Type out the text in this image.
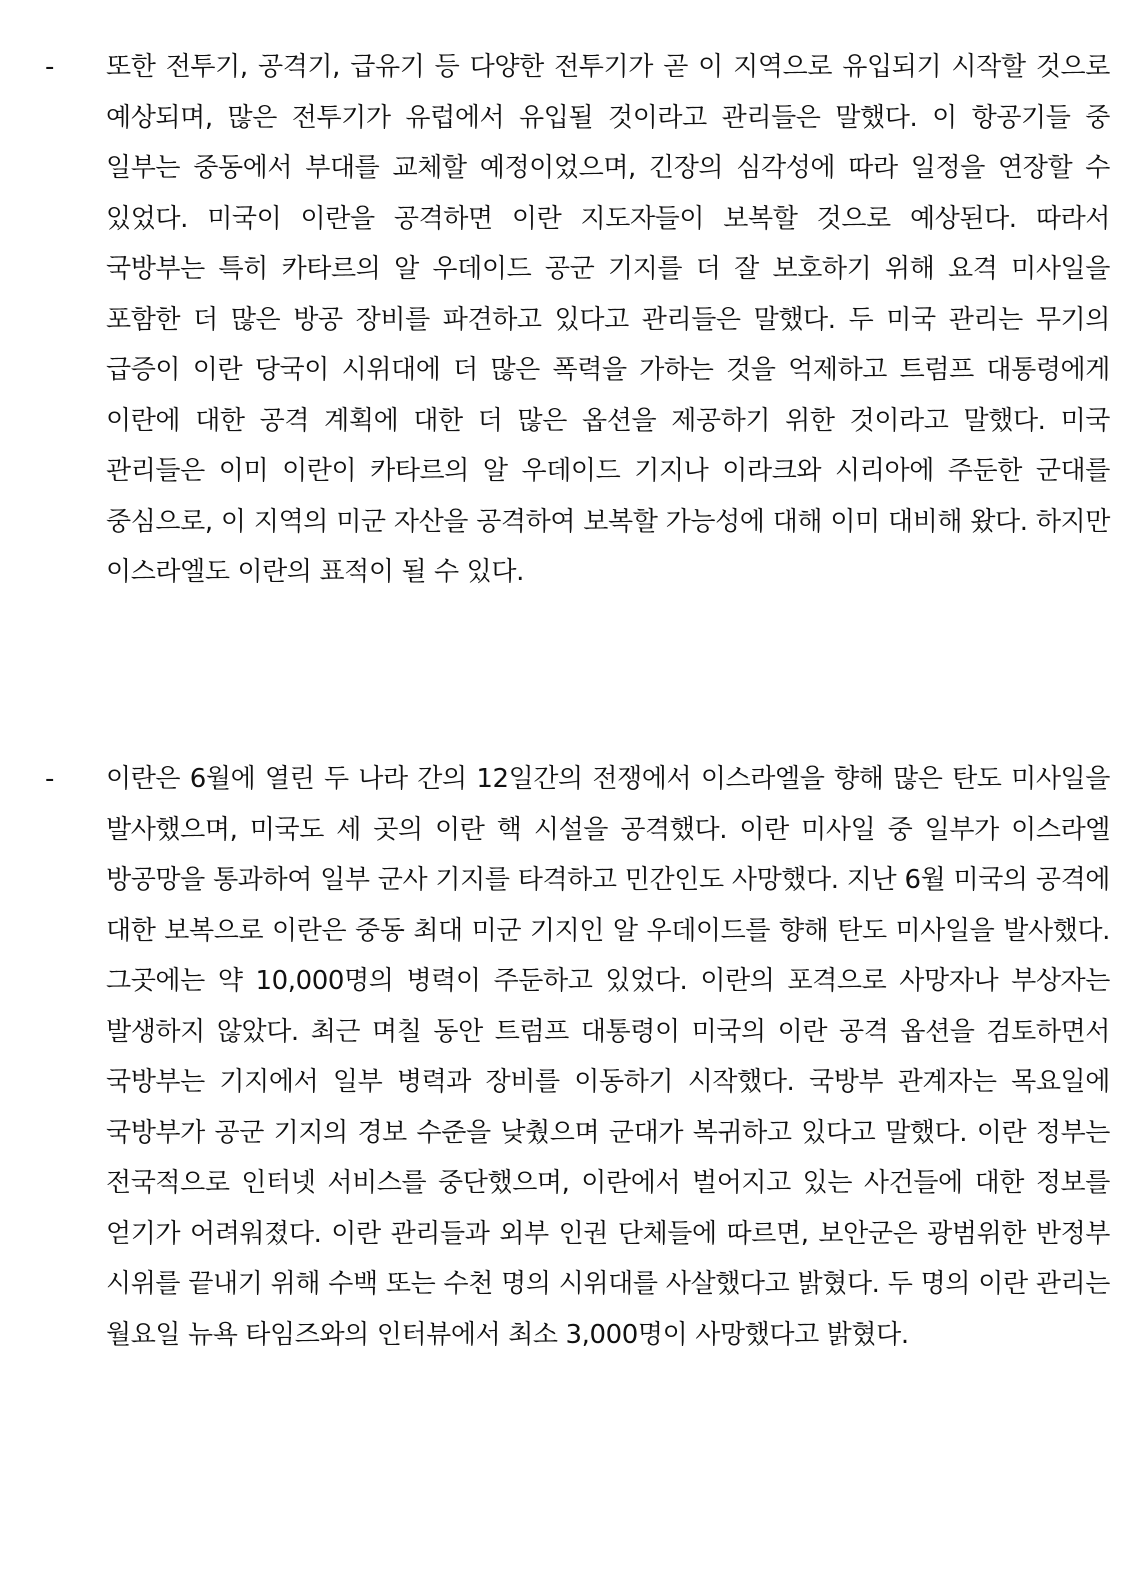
- 또한 전투기, 공격기, 급유기 등 다양한 전투기가 곧 이 지역으로 유입되기 시작할 것으로 예상되며, 많은 전투기가 유럽에서 유입될 것이라고 관리들은 말했다. 이 항공기들 중 일부는 중동에서 부대를 교체할 예정이었으며, 긴장의 심각성에 따라 일정을 연장할 수 있었다. 미국이 이란을 공격하면 이란 지도자들이 보복할 것으로 예상된다. 따라서 국방부는 특히 카타르의 알 우데이드 공군 기지를 더 잘 보호하기 위해 요격 미사일을 포함한 더 많은 방공 장비를 파견하고 있다고 관리들은 말했다. 두 미국 관리는 무기의 급증이 이란 당국이 시위대에 더 많은 폭력을 가하는 것을 억제하고 트럼프 대통령에게 이란에 대한 공격 계획에 대한 더 많은 옵션을 제공하기 위한 것이라고 말했다. 미국 관리들은 이미 이란이 카타르의 알 우데이드 기지나 이라크와 시리아에 주둔한 군대를 중심으로, 이 지역의 미군 자산을 공격하여 보복할 가능성에 대해 이미 대비해 왔다. 하지만 이스라엘도 이란의 표적이 될 수 있다.

- 이란은 6월에 열린 두 나라 간의 12일간의 전쟁에서 이스라엘을 향해 많은 탄도 미사일을 발사했으며, 미국도 세 곳의 이란 핵 시설을 공격했다. 이란 미사일 중 일부가 이스라엘 방공망을 통과하여 일부 군사 기지를 타격하고 민간인도 사망했다. 지난 6월 미국의 공격에 대한 보복으로 이란은 중동 최대 미군 기지인 알 우데이드를 향해 탄도 미사일을 발사했다. 그곳에는 약 10,000명의 병력이 주둔하고 있었다. 이란의 포격으로 사망자나 부상자는 발생하지 않았다. 최근 며칠 동안 트럼프 대통령이 미국의 이란 공격 옵션을 검토하면서 국방부는 기지에서 일부 병력과 장비를 이동하기 시작했다. 국방부 관계자는 목요일에 국방부가 공군 기지의 경보 수준을 낮췄으며 군대가 복귀하고 있다고 말했다. 이란 정부는 전국적으로 인터넷 서비스를 중단했으며, 이란에서 벌어지고 있는 사건들에 대한 정보를 얻기가 어려워졌다. 이란 관리들과 외부 인권 단체들에 따르면, 보안군은 광범위한 반정부 시위를 끝내기 위해 수백 또는 수천 명의 시위대를 사살했다고 밝혔다. 두 명의 이란 관리는 월요일 뉴욕 타임즈와의 인터뷰에서 최소 3,000명이 사망했다고 밝혔다.
